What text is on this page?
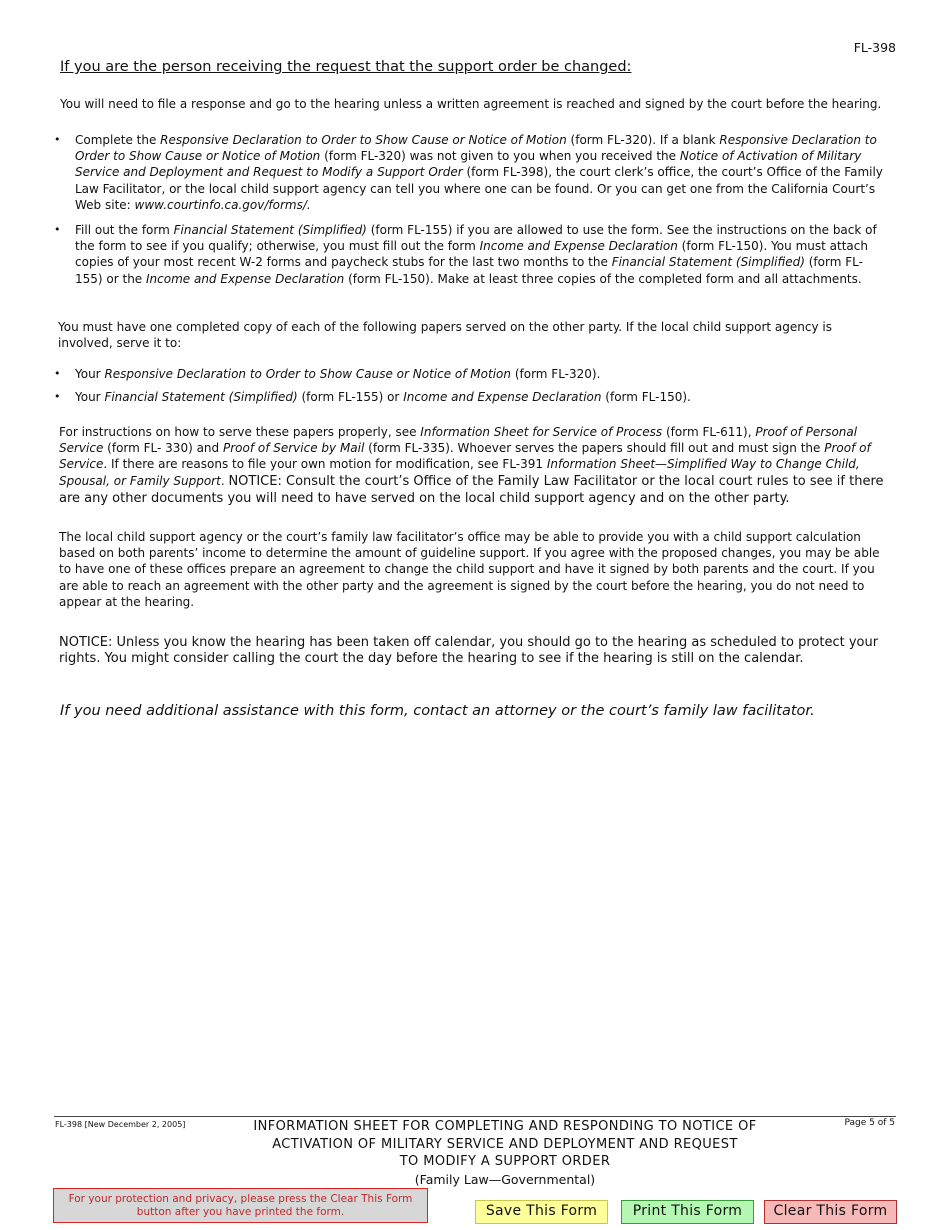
FL-398
If you are the person receiving the request that the support order be changed:

You will need to file a response and go to the hearing unless a written agreement is reached and signed by the court before the hearing.

•	Complete the Responsive Declaration to Order to Show Cause or Notice of Motion (form FL-320). If a blank Responsive Declaration to Order to Show Cause or Notice of Motion (form FL-320) was not given to you when you received the Notice of Activation of Military Service and Deployment and Request to Modify a Support Order (form FL-398), the court clerk’s office, the court’s Office of the Family Law Facilitator, or the local child support agency can tell you where one can be found. Or you can get one from the California Court’s Web site: www.courtinfo.ca.gov/forms/.
•	Fill out the form Financial Statement (Simplified) (form FL-155) if you are allowed to use the form. See the instructions on the back of the form to see if you qualify; otherwise, you must fill out the form Income and Expense Declaration (form FL-150). You must attach copies of your most recent W-2 forms and paycheck stubs for the last two months to the Financial Statement (Simplified) (form FL-155) or the Income and Expense Declaration (form FL-150). Make at least three copies of the completed form and all attachments.

You must have one completed copy of each of the following papers served on the other party. If the local child support agency is involved, serve it to:

•	Your Responsive Declaration to Order to Show Cause or Notice of Motion (form FL-320).
•	Your Financial Statement (Simplified) (form FL-155) or Income and Expense Declaration (form FL-150).

For instructions on how to serve these papers properly, see Information Sheet for Service of Process (form FL-611), Proof of Personal Service (form FL- 330) and Proof of Service by Mail (form FL-335). Whoever serves the papers should fill out and must sign the Proof of Service. If there are reasons to file your own motion for modification, see FL-391 Information Sheet—Simplified Way to Change Child, Spousal, or Family Support. NOTICE: Consult the court’s Office of the Family Law Facilitator or the local court rules to see if there are any other documents you will need to have served on the local child support agency and on the other party.

The local child support agency or the court’s family law facilitator’s office may be able to provide you with a child support calculation based on both parents’ income to determine the amount of guideline support. If you agree with the proposed changes, you may be able to have one of these offices prepare an agreement to change the child support and have it signed by both parents and the court. If you are able to reach an agreement with the other party and the agreement is signed by the court before the hearing, you do not need to appear at the hearing.

NOTICE: Unless you know the hearing has been taken off calendar, you should go to the hearing as scheduled to protect your rights. You might consider calling the court the day before the hearing to see if the hearing is still on the calendar.

If you need additional assistance with this form, contact an attorney or the court’s family law facilitator.
FL-398 [New December 2, 2005]	Page 5 of 5
INFORMATION SHEET FOR COMPLETING AND RESPONDING TO NOTICE OF
ACTIVATION OF MILITARY SERVICE AND DEPLOYMENT AND REQUEST
TO MODIFY A SUPPORT ORDER
(Family Law—Governmental)
For your protection and privacy, please press the Clear This Form button after you have printed the form.	Save This Form	Print This Form	Clear This Form
